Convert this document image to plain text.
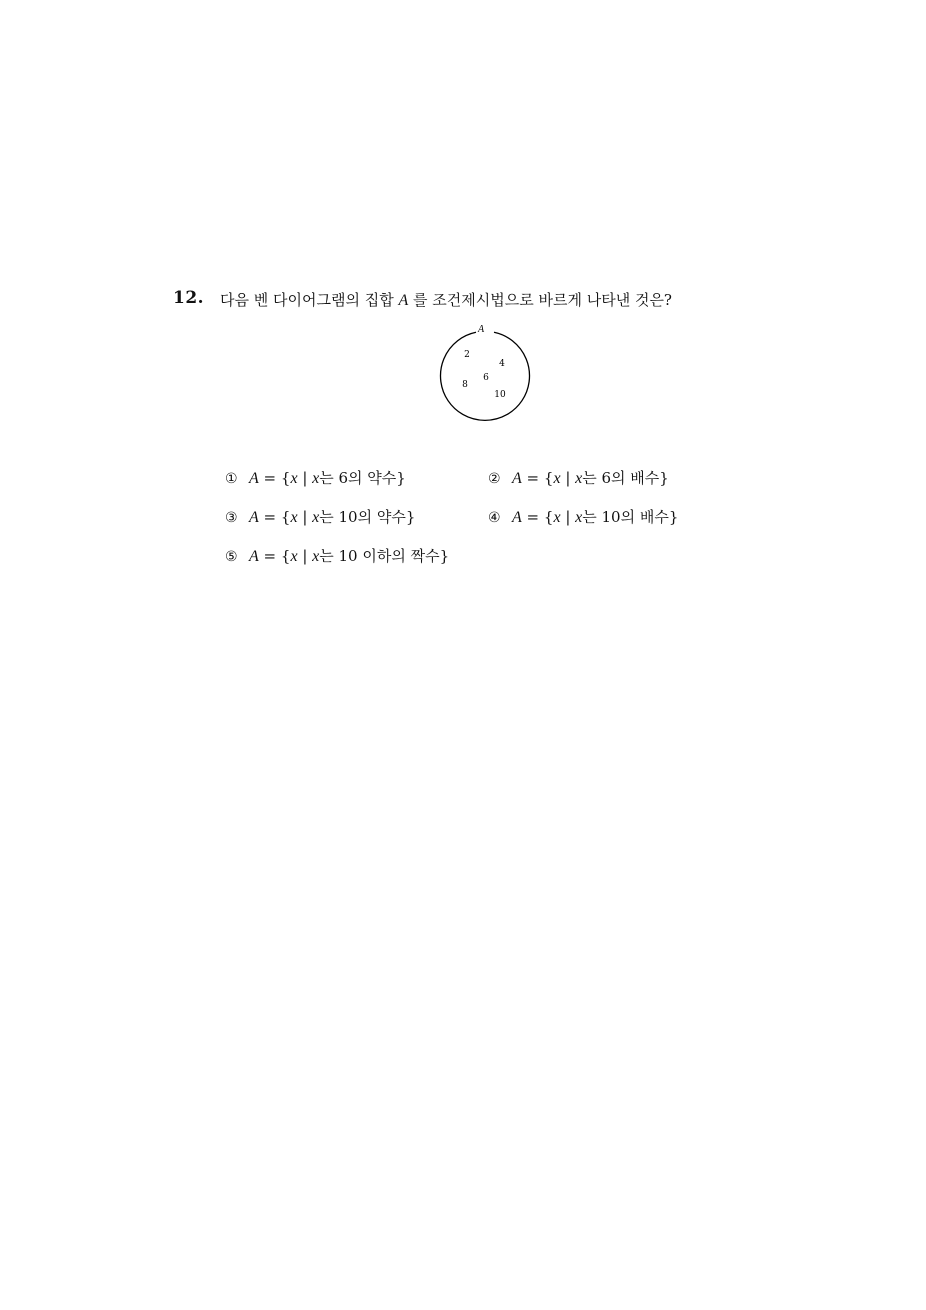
12. 다음 벤 다이어그램의 집합 A 를 조건제시법으로 바르게 나타낸 것은?
A
2
4
6
8
10
① A = {x | x는 6의 약수}	② A = {x | x는 6의 배수}
③ A = {x | x는 10의 약수}	④ A = {x | x는 10의 배수}
⑤ A = {x | x는 10 이하의 짝수}
